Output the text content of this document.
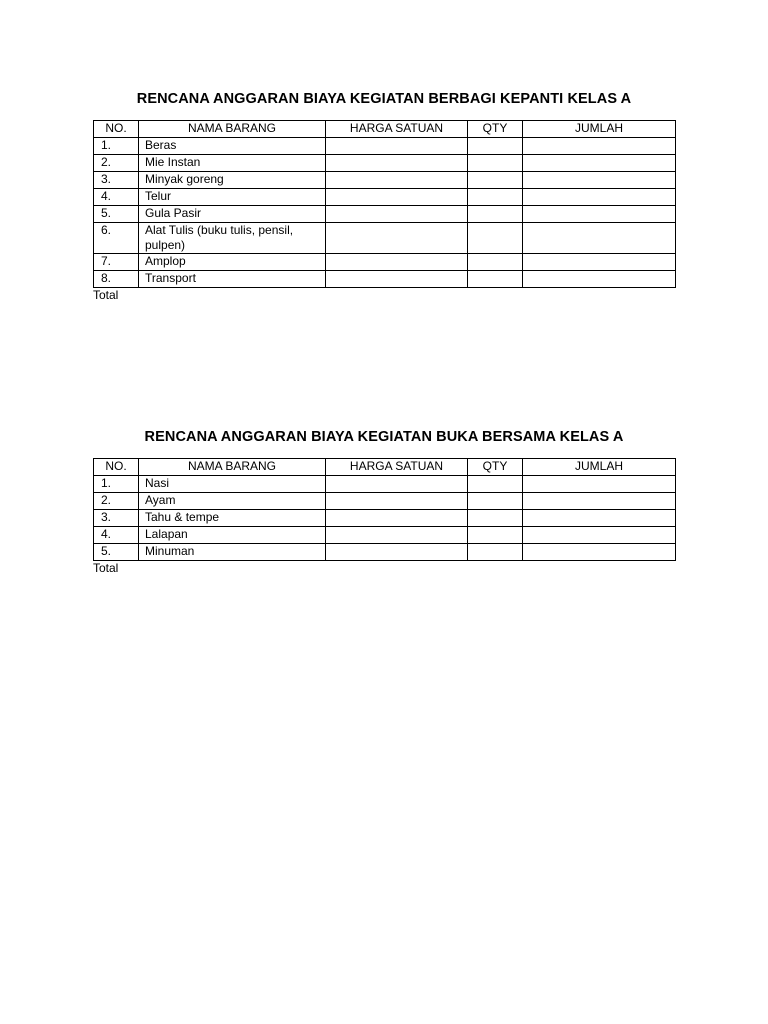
RENCANA ANGGARAN BIAYA KEGIATAN BERBAGI KEPANTI KELAS A
NO.	NAMA BARANG	HARGA SATUAN	QTY	JUMLAH
1.	Beras			
2.	Mie Instan			
3.	Minyak goreng			
4.	Telur			
5.	Gula Pasir			
6.	Alat Tulis (buku tulis, pensil, pulpen)			
7.	Amplop			
8.	Transport			
Total
RENCANA ANGGARAN BIAYA KEGIATAN BUKA BERSAMA KELAS A
NO.	NAMA BARANG	HARGA SATUAN	QTY	JUMLAH
1.	Nasi			
2.	Ayam			
3.	Tahu & tempe			
4.	Lalapan			
5.	Minuman			
Total
